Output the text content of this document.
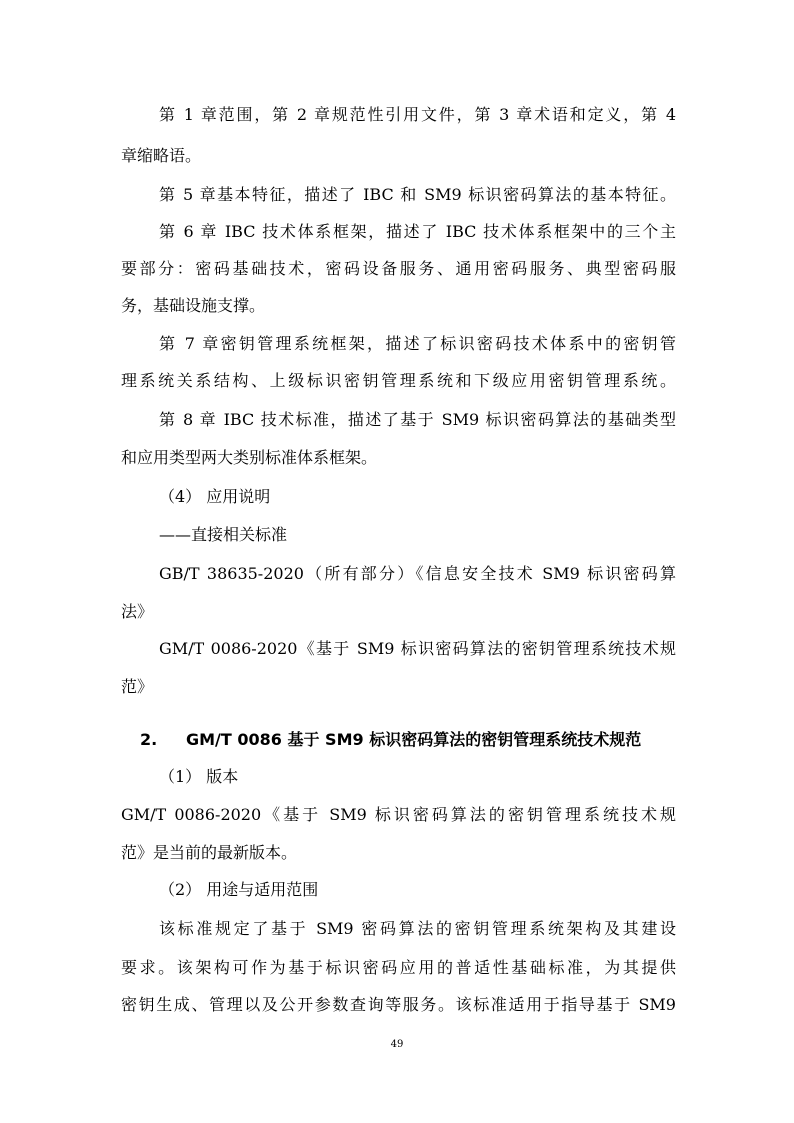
第 1 章范围，第 2 章规范性引用文件，第 3 章术语和定义，第 4
章缩略语。
第 5 章基本特征，描述了 IBC 和 SM9 标识密码算法的基本特征。
第 6 章 IBC 技术体系框架，描述了 IBC 技术体系框架中的三个主
要部分：密码基础技术，密码设备服务、通用密码服务、典型密码服
务，基础设施支撑。
第 7 章密钥管理系统框架，描述了标识密码技术体系中的密钥管
理系统关系结构、上级标识密钥管理系统和下级应用密钥管理系统。
第 8 章 IBC 技术标准，描述了基于 SM9 标识密码算法的基础类型
和应用类型两大类别标准体系框架。
（4） 应用说明
——直接相关标准
GB/T 38635-2020（所有部分）《信息安全技术 SM9 标识密码算
法》
GM/T 0086-2020《基于 SM9 标识密码算法的密钥管理系统技术规
范》
2. GM/T 0086 基于 SM9 标识密码算法的密钥管理系统技术规范
（1） 版本
GM/T 0086-2020《基于 SM9 标识密码算法的密钥管理系统技术规
范》是当前的最新版本。
（2） 用途与适用范围
该标准规定了基于 SM9 密码算法的密钥管理系统架构及其建设
要求。该架构可作为基于标识密码应用的普适性基础标准，为其提供
密钥生成、管理以及公开参数查询等服务。该标准适用于指导基于 SM9
49
